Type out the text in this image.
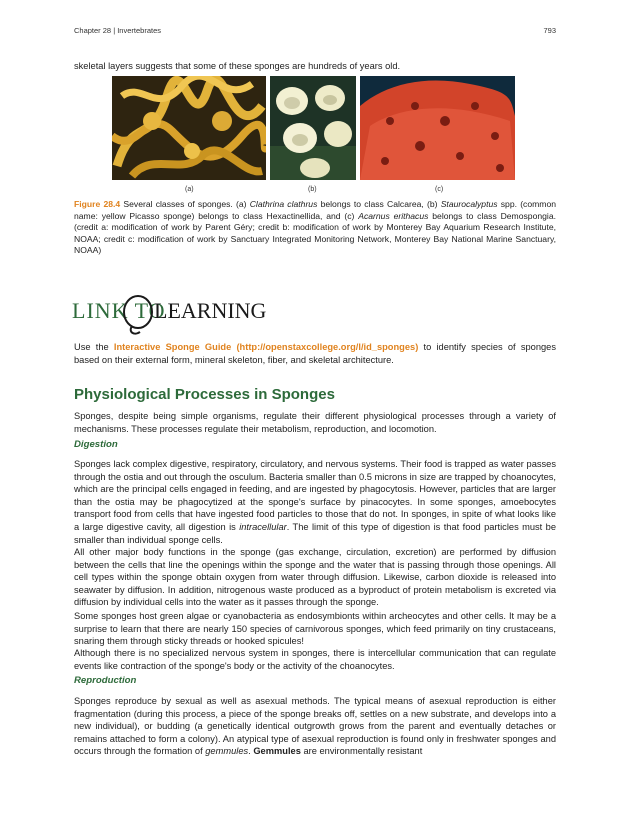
Chapter 28 | Invertebrates	793

skeletal layers suggests that some of these sponges are hundreds of years old.

(a)	(b)	(c)

Figure 28.4 Several classes of sponges. (a) Clathrina clathrus belongs to class Calcarea, (b) Staurocalyptus spp. (common name: yellow Picasso sponge) belongs to class Hexactinellida, and (c) Acarnus erithacus belongs to class Demospongia. (credit a: modification of work by Parent Géry; credit b: modification of work by Monterey Bay Aquarium Research Institute, NOAA; credit c: modification of work by Sanctuary Integrated Monitoring Network, Monterey Bay National Marine Sanctuary, NOAA)

LINK TO
LEARNING

Use the Interactive Sponge Guide (http://openstaxcollege.org/l/id_sponges) to identify species of sponges based on their external form, mineral skeleton, fiber, and skeletal architecture.

Physiological Processes in Sponges

Sponges, despite being simple organisms, regulate their different physiological processes through a variety of mechanisms. These processes regulate their metabolism, reproduction, and locomotion.

Digestion

Sponges lack complex digestive, respiratory, circulatory, and nervous systems. Their food is trapped as water passes through the ostia and out through the osculum. Bacteria smaller than 0.5 microns in size are trapped by choanocytes, which are the principal cells engaged in feeding, and are ingested by phagocytosis. However, particles that are larger than the ostia may be phagocytized at the sponge's surface by pinacocytes. In some sponges, amoebocytes transport food from cells that have ingested food particles to those that do not. In sponges, in spite of what looks like a large digestive cavity, all digestion is intracellular. The limit of this type of digestion is that food particles must be smaller than individual sponge cells.

All other major body functions in the sponge (gas exchange, circulation, excretion) are performed by diffusion between the cells that line the openings within the sponge and the water that is passing through those openings. All cell types within the sponge obtain oxygen from water through diffusion. Likewise, carbon dioxide is released into seawater by diffusion. In addition, nitrogenous waste produced as a byproduct of protein metabolism is excreted via diffusion by individual cells into the water as it passes through the sponge.

Some sponges host green algae or cyanobacteria as endosymbionts within archeocytes and other cells. It may be a surprise to learn that there are nearly 150 species of carnivorous sponges, which feed primarily on tiny crustaceans, snaring them through sticky threads or hooked spicules!

Although there is no specialized nervous system in sponges, there is intercellular communication that can regulate events like contraction of the sponge's body or the activity of the choanocytes.

Reproduction

Sponges reproduce by sexual as well as asexual methods. The typical means of asexual reproduction is either fragmentation (during this process, a piece of the sponge breaks off, settles on a new substrate, and develops into a new individual), or budding (a genetically identical outgrowth grows from the parent and eventually detaches or remains attached to form a colony). An atypical type of asexual reproduction is found only in freshwater sponges and occurs through the formation of gemmules. Gemmules are environmentally resistant
